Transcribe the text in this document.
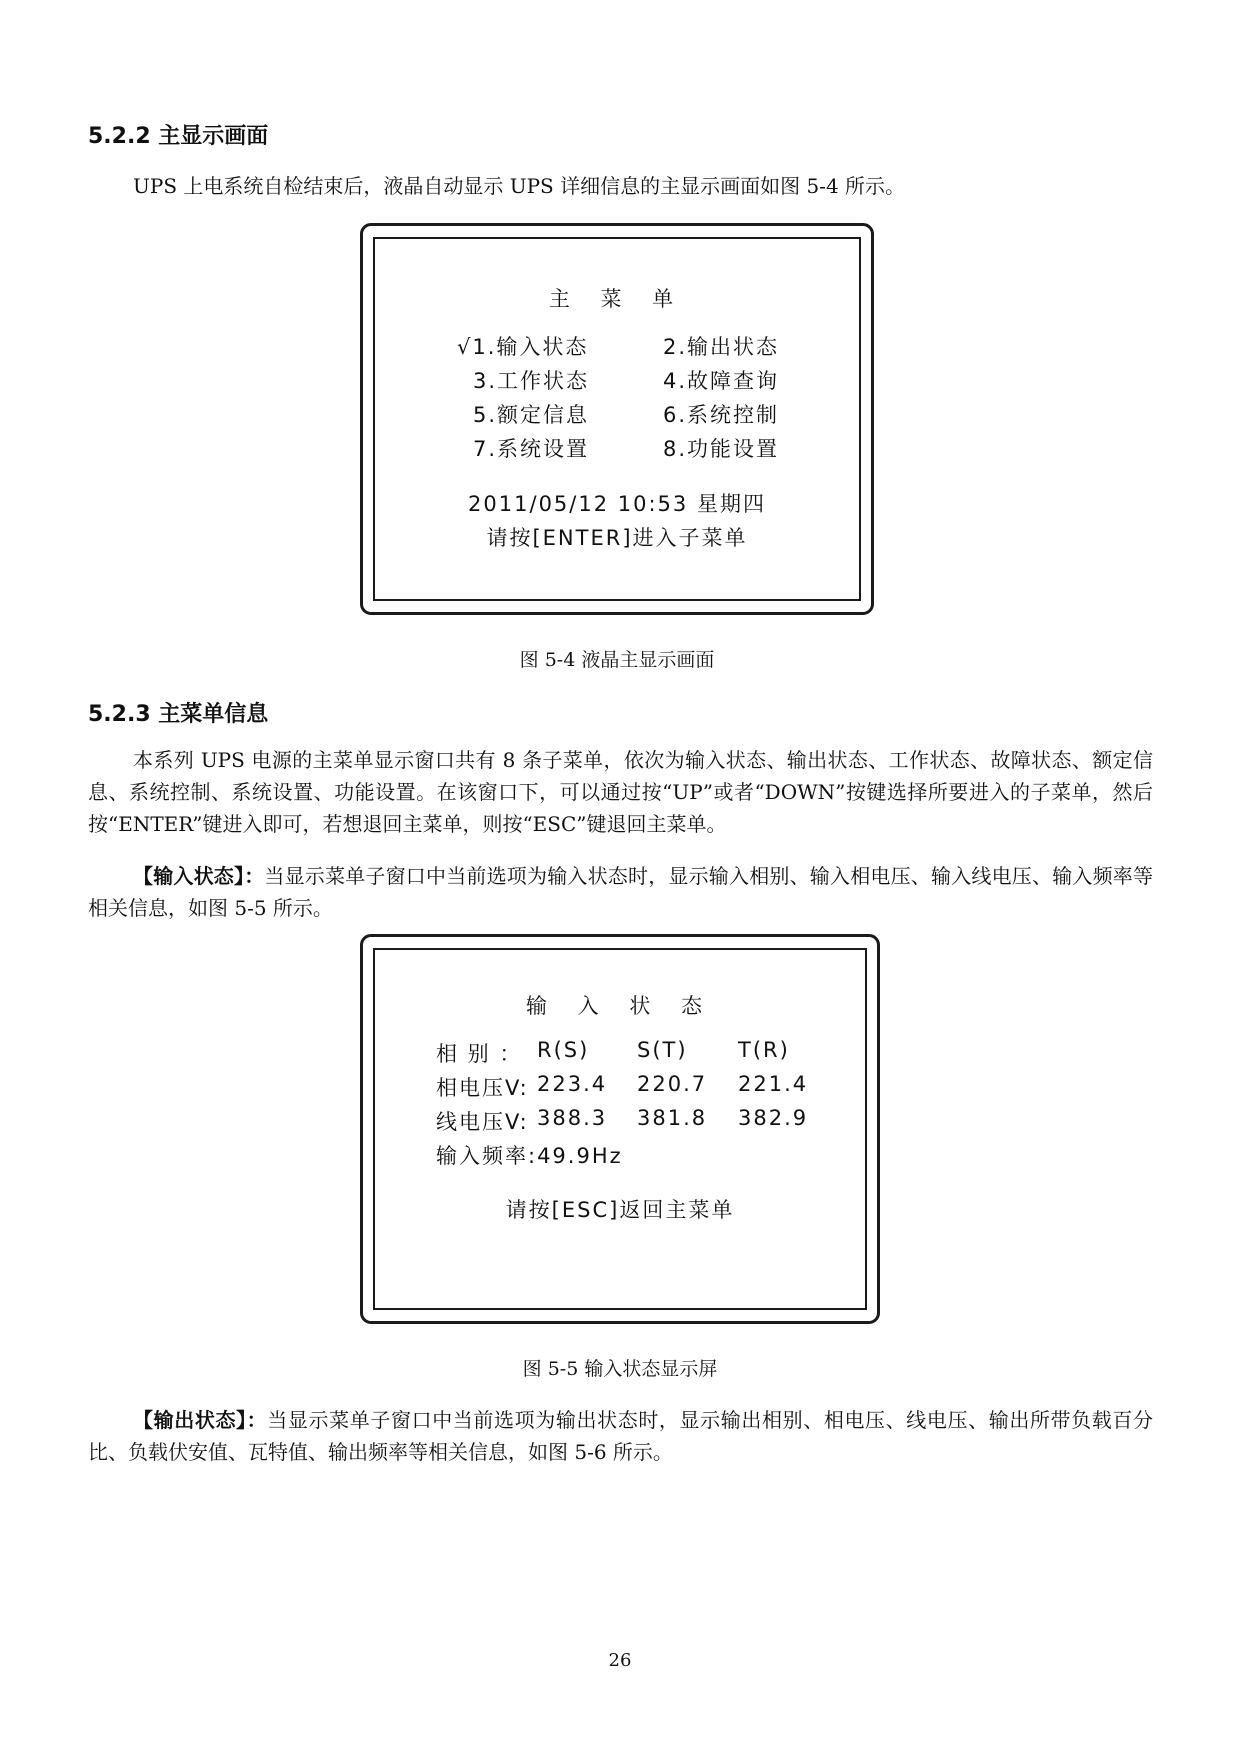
5.2.2 主显示画面
UPS 上电系统自检结束后，液晶自动显示 UPS 详细信息的主显示画面如图 5-4 所示。
主 菜 单
√1.输入状态	2.输出状态
3.工作状态	4.故障查询
5.额定信息	6.系统控制
7.系统设置	8.功能设置
2011/05/12 10:53 星期四
请按[ENTER]进入子菜单
图 5-4 液晶主显示画面
5.2.3 主菜单信息
本系列 UPS 电源的主菜单显示窗口共有 8 条子菜单，依次为输入状态、输出状态、工作状态、故障状态、额定信息、系统控制、系统设置、功能设置。在该窗口下，可以通过按“UP”或者“DOWN”按键选择所要进入的子菜单，然后按“ENTER”键进入即可，若想退回主菜单，则按“ESC”键退回主菜单。
【输入状态】：当显示菜单子窗口中当前选项为输入状态时，显示输入相别、输入相电压、输入线电压、输入频率等相关信息，如图 5-5 所示。
输 入 状 态
相 别 ： R(S) S(T) T(R)
相电压V: 223.4 220.7 221.4
线电压V: 388.3 381.8 382.9
输入频率:49.9Hz
请按[ESC]返回主菜单
图 5-5 输入状态显示屏
【输出状态】：当显示菜单子窗口中当前选项为输出状态时，显示输出相别、相电压、线电压、输出所带负载百分比、负载伏安值、瓦特值、输出频率等相关信息，如图 5-6 所示。
26
